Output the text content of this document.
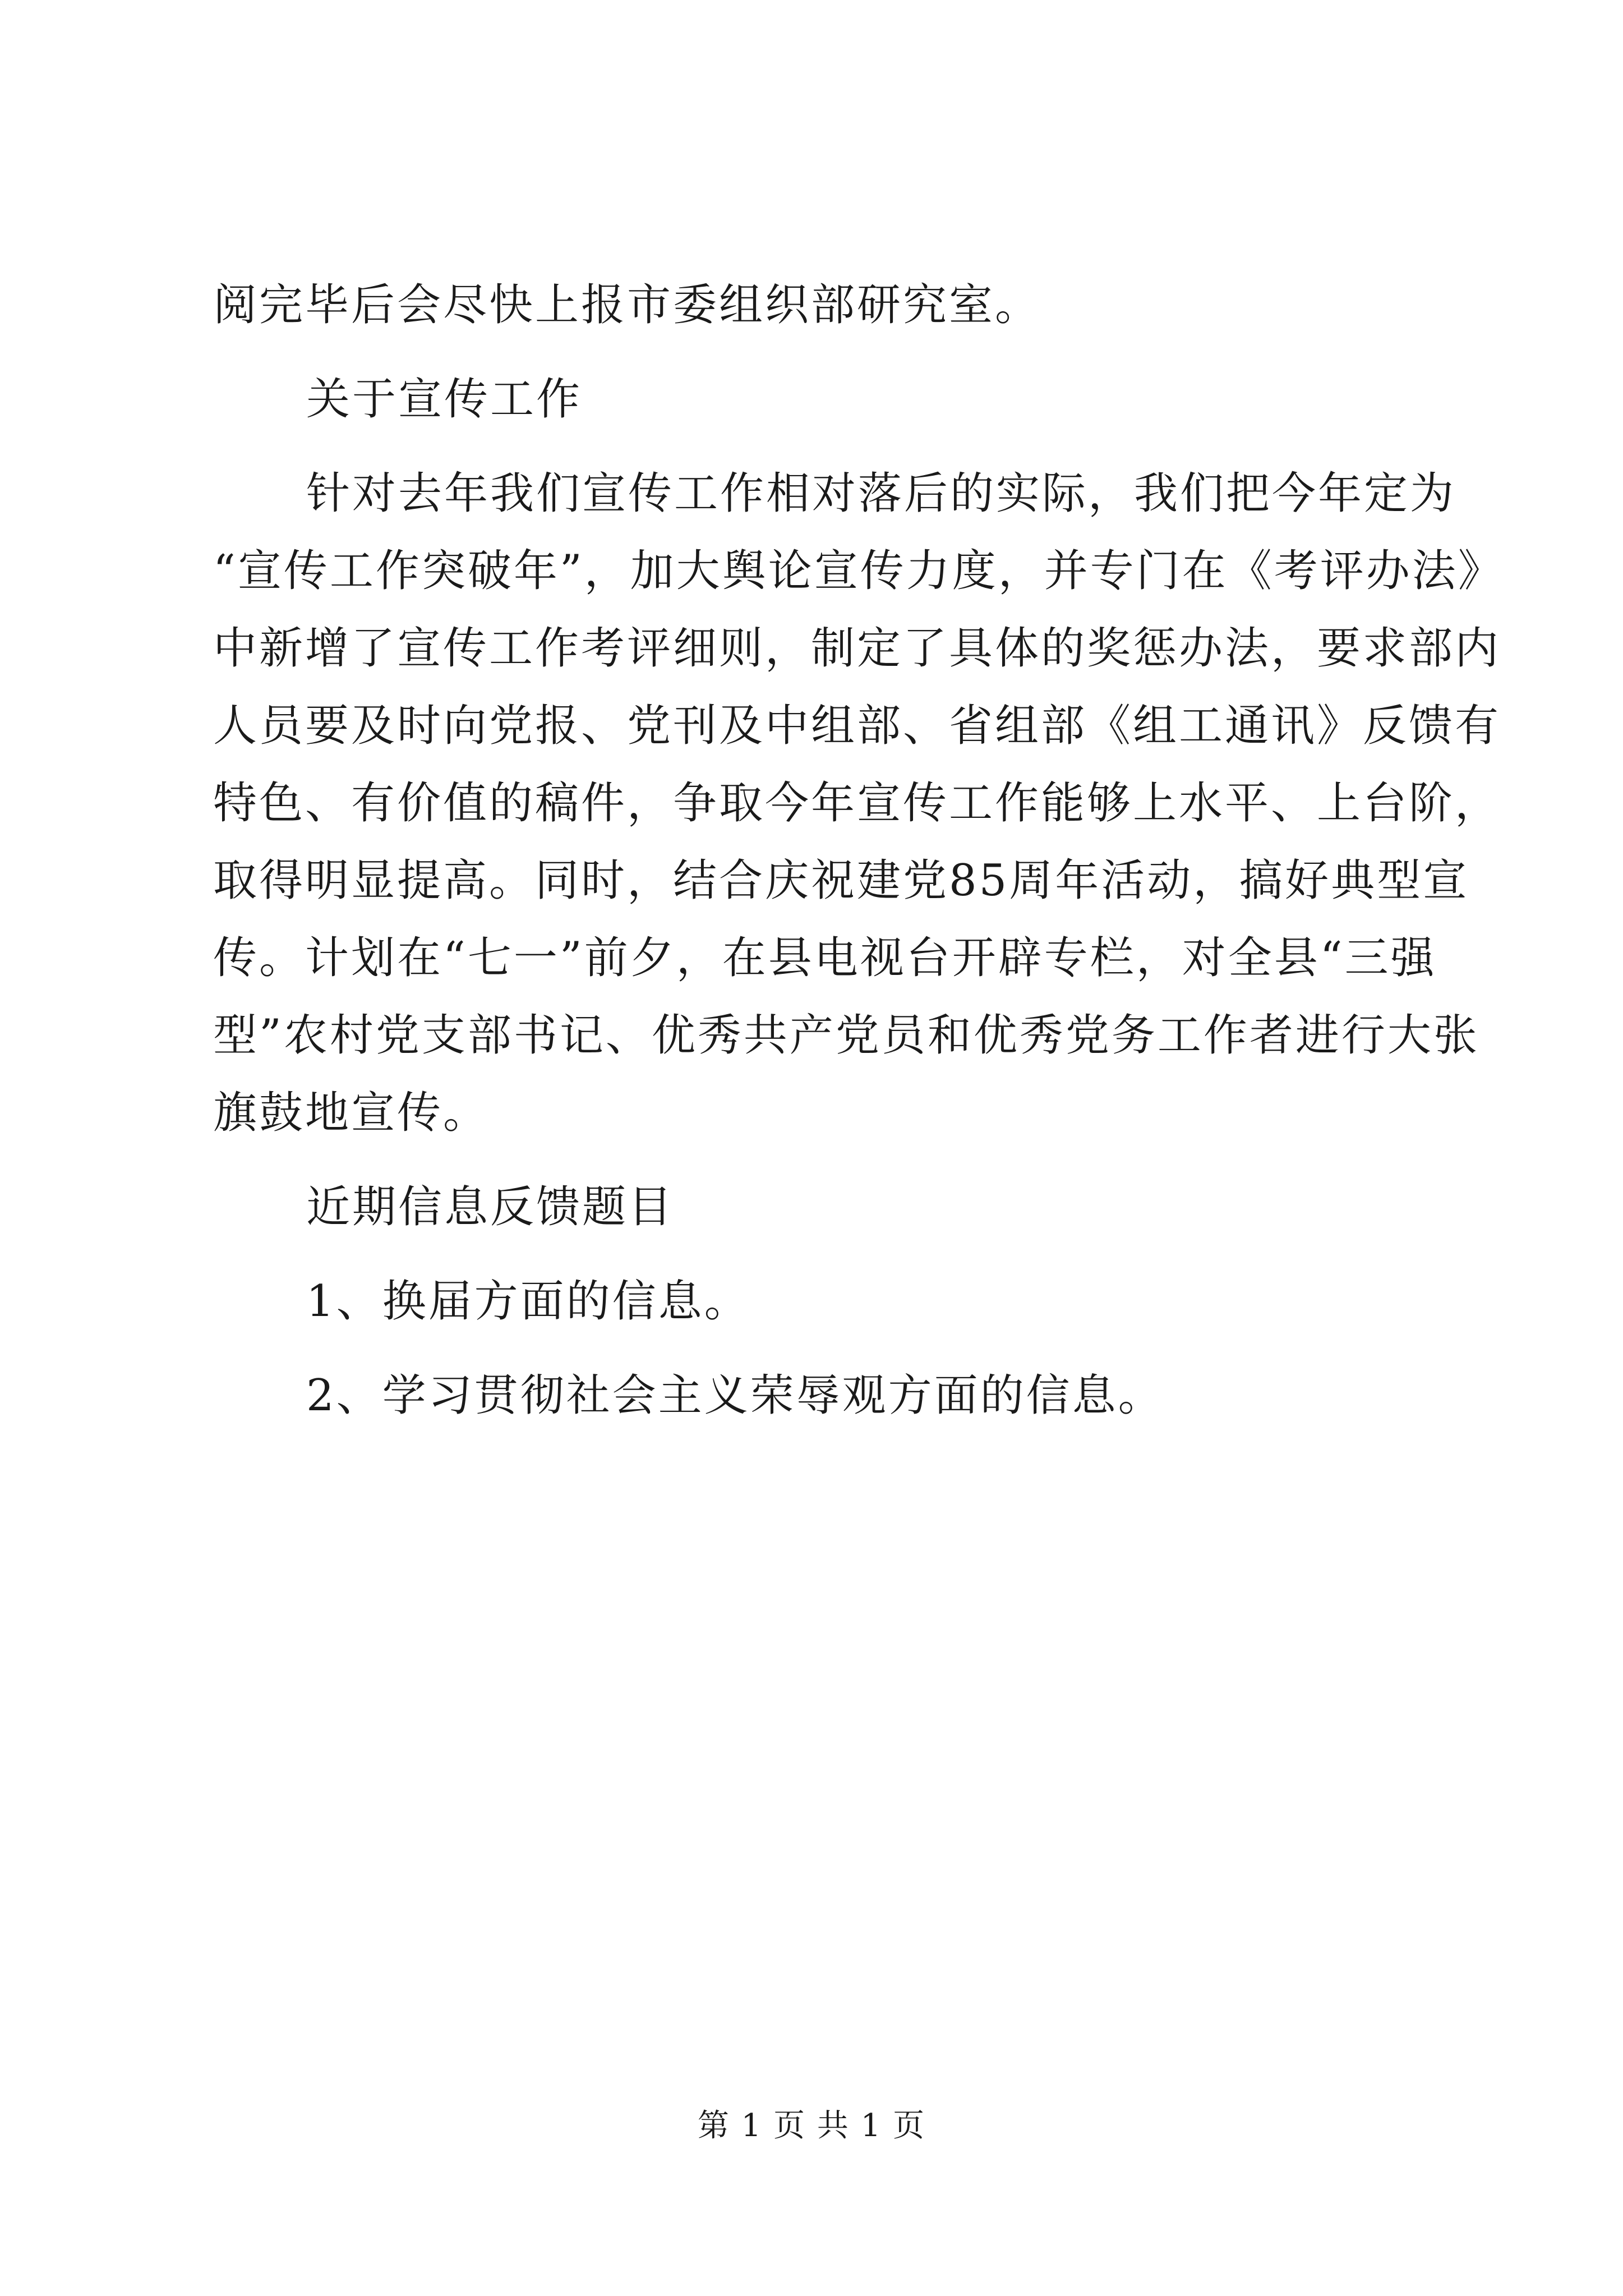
阅完毕后会尽快上报市委组织部研究室。

关于宣传工作

针对去年我们宣传工作相对落后的实际，我们把今年定为

“宣传工作突破年”，加大舆论宣传力度，并专门在《考评办法》

中新增了宣传工作考评细则，制定了具体的奖惩办法，要求部内

人员要及时向党报、党刊及中组部、省组部《组工通讯》反馈有

特色、有价值的稿件，争取今年宣传工作能够上水平、上台阶，

取得明显提高。同时，结合庆祝建党85周年活动，搞好典型宣

传。计划在“七一”前夕，在县电视台开辟专栏，对全县“三强

型”农村党支部书记、优秀共产党员和优秀党务工作者进行大张

旗鼓地宣传。

近期信息反馈题目

1、换届方面的信息。

2、学习贯彻社会主义荣辱观方面的信息。

第 1 页 共 1 页
